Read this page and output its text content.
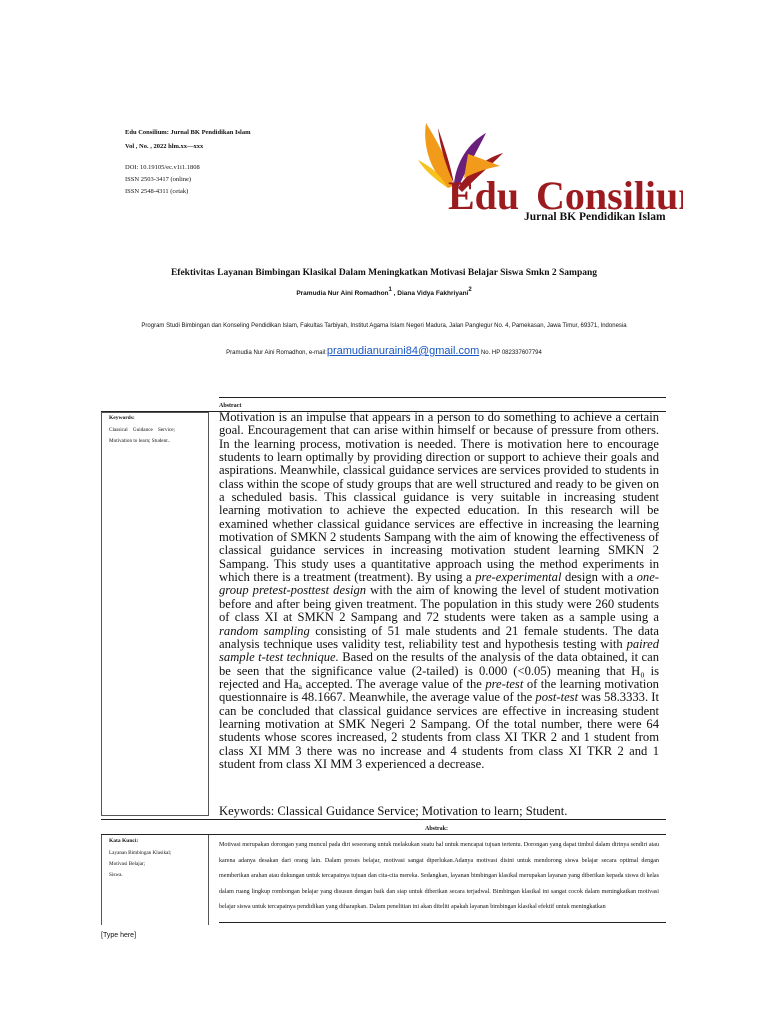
Edu Consilium: Jurnal BK Pendidikan Islam
Vol , No. , 2022 hlm.xx—xxx
DOI: 10.19105/ec.v1i1.1808
ISSN 2503-3417 (online)
ISSN 2548-4311 (cetak)	Edu Consiliu
Jurnal BK Pendidikan Islam
Efektivitas Layanan Bimbingan Klasikal Dalam Meningkatkan Motivasi Belajar Siswa Smkn 2 Sampang
Pramudia Nur Aini Romadhon$^1$ , Diana Vidya Fakhriyani$^2$
Program Studi Bimbingan dan Konseling Pendidikan Islam, Fakultas Tarbiyah, Institut Agama Islam Negeri Madura, Jalan Panglegur No. 4, Pamekasan, Jawa Timur, 69371, Indonesia
Pramudia Nur Aini Romadhon, e-mail:pramudianuraini84@gmail.com No. HP 082337607794
Abstract
Keywords:
Classical Guidance Service; Motivation to learn; Student..
Motivation is an impulse that appears in a person to do something to achieve a certain goal. Encouragement that can arise within himself or because of pressure from others. In the learning process, motivation is needed. There is motivation here to encourage students to learn optimally by providing direction or support to achieve their goals and aspirations. Meanwhile, classical guidance services are services provided to students in class within the scope of study groups that are well structured and ready to be given on a scheduled basis. This classical guidance is very suitable in increasing student learning motivation to achieve the expected education. In this research will be examined whether classical guidance services are effective in increasing the learning motivation of SMKN 2 students Sampang with the aim of knowing the effectiveness of classical guidance services in increasing motivation student learning SMKN 2 Sampang. This study uses a quantitative approach using the method experiments in which there is a treatment (treatment). By using a pre-experimental design with a one-group pretest-posttest design with the aim of knowing the level of student motivation before and after being given treatment. The population in this study were 260 students of class XI at SMKN 2 Sampang and 72 students were taken as a sample using a random sampling consisting of 51 male students and 21 female students. The data analysis technique uses validity test, reliability test and hypothesis testing with paired sample t-test technique. Based on the results of the analysis of the data obtained, it can be seen that the significance value (2-tailed) is 0.000 (<0.05) meaning that H₀ is rejected and Haₐ accepted. The average value of the pre-test of the learning motivation questionnaire is 48.1667. Meanwhile, the average value of the post-test was 58.3333. It can be concluded that classical guidance services are effective in increasing student learning motivation at SMK Negeri 2 Sampang. Of the total number, there were 64 students whose scores increased, 2 students from class XI TKR 2 and 1 student from class XI MM 3 there was no increase and 4 students from class XI TKR 2 and 1 student from class XI MM 3 experienced a decrease.
Keywords: Classical Guidance Service; Motivation to learn; Student.
Abstrak:
Kata Kunci:
Layanan Bimbingan Klasikal;
Motivasi Belajar;
Siswa.
Motivasi merupakan dorongan yang muncul pada diri seseorang untuk melakukan suatu hal untuk mencapai tujuan tertentu. Dorongan yang dapat timbul dalam dirinya sendiri atau karena adanya desakan dari orang lain. Dalam proses belajar, motivasi sangat diperlukan.Adanya motivasi disini untuk mendorong siswa belajar secara optimal dengan memberikan arahan atau dukungan untuk tercapainya tujuan dan cita-cita mereka. Sedangkan, layanan bimbingan klasikal merupakan layanan yang diberikan kepada siswa di kelas dalam ruang lingkup rombongan belajar yang disusun dengan baik dan siap untuk diberikan secara terjadwal. Bimbingan klasikal ini sangat cocok dalam meningkatkan motivasi belajar siswa untuk tercapainya pendidikan yang diharapkan. Dalam penelitian ini akan diteliti apakah layanan bimbingan klasikal efektif untuk meningkatkan
[Type here]
